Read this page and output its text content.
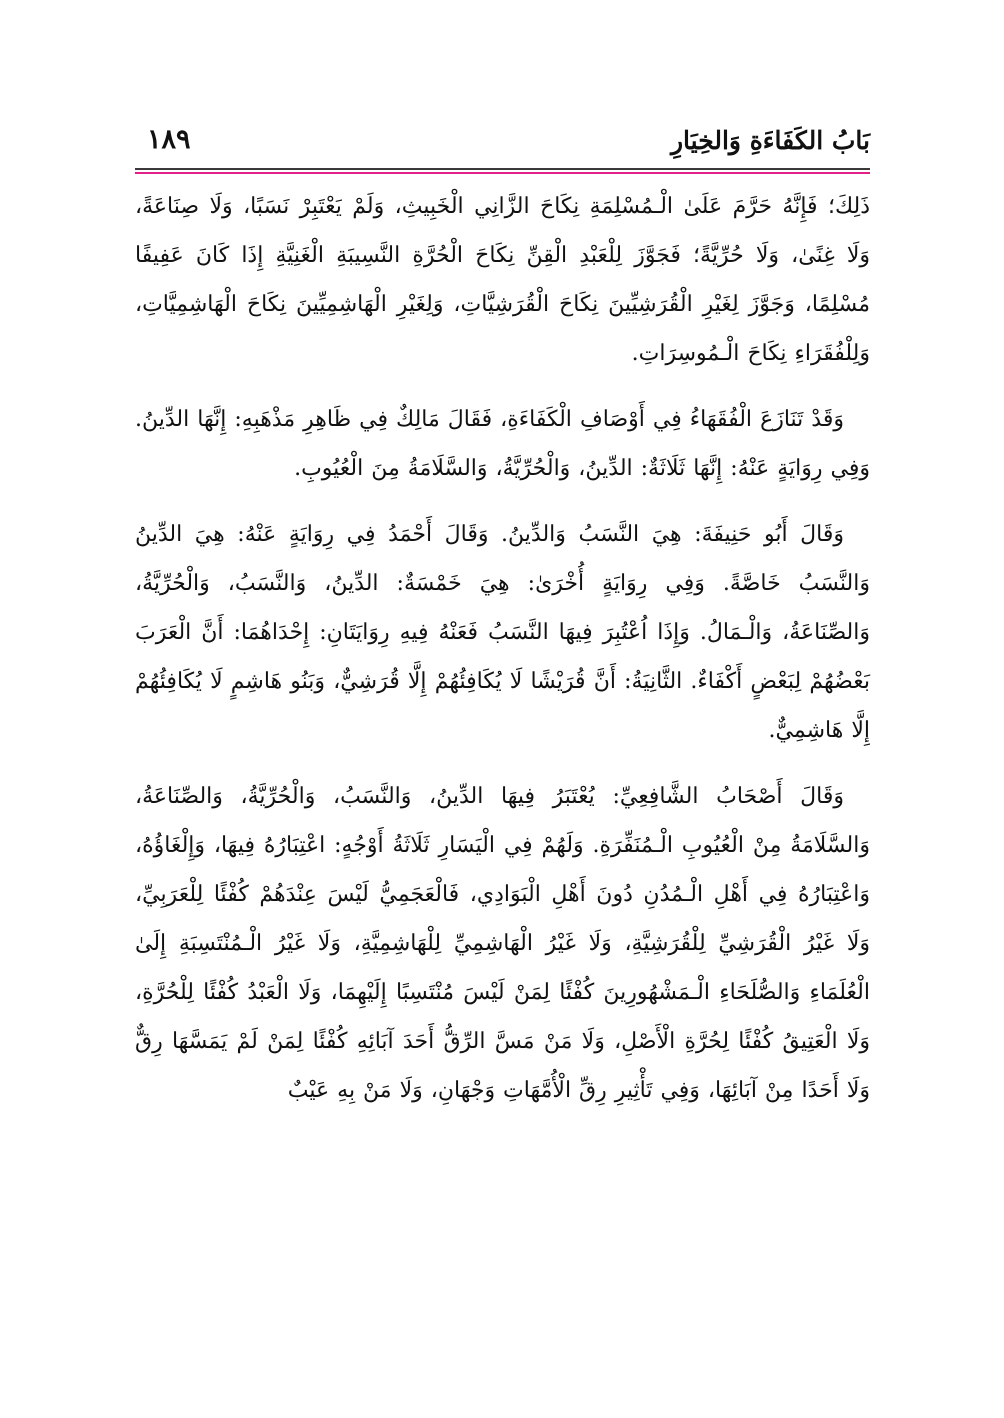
بَابُ الكَفَاءَةِ وَالخِيَارِ
١٨٩

ذَلِكَ؛ فَإِنَّهُ حَرَّمَ عَلَىٰ الْـمُسْلِمَةِ نِكَاحَ الزَّانِي الْخَبِيثِ، وَلَمْ يَعْتَبِرْ نَسَبًا، وَلَا صِنَاعَةً، وَلَا غِنًىٰ، وَلَا حُرِّيَّةً؛ فَجَوَّزَ لِلْعَبْدِ الْقِنِّ نِكَاحَ الْحُرَّةِ النَّسِيبَةِ الْغَنِيَّةِ إِذَا كَانَ عَفِيفًا مُسْلِمًا، وَجَوَّزَ لِغَيْرِ الْقُرَشِيِّينَ نِكَاحَ الْقُرَشِيَّاتِ، وَلِغَيْرِ الْهَاشِمِيِّينَ نِكَاحَ الْهَاشِمِيَّاتِ، وَلِلْفُقَرَاءِ نِكَاحَ الْـمُوسِرَاتِ.

وَقَدْ تَنَازَعَ الْفُقَهَاءُ فِي أَوْصَافِ الْكَفَاءَةِ، فَقَالَ مَالِكٌ فِي ظَاهِرِ مَذْهَبِهِ: إِنَّهَا الدِّينُ. وَفِي رِوَايَةٍ عَنْهُ: إِنَّهَا ثَلَاثَةٌ: الدِّينُ، وَالْحُرِّيَّةُ، وَالسَّلَامَةُ مِنَ الْعُيُوبِ.

وَقَالَ أَبُو حَنِيفَةَ: هِيَ النَّسَبُ وَالدِّينُ. وَقَالَ أَحْمَدُ فِي رِوَايَةٍ عَنْهُ: هِيَ الدِّينُ وَالنَّسَبُ خَاصَّةً. وَفِي رِوَايَةٍ أُخْرَىٰ: هِيَ خَمْسَةٌ: الدِّينُ، وَالنَّسَبُ، وَالْحُرِّيَّةُ، وَالصِّنَاعَةُ، وَالْـمَالُ. وَإِذَا اُعْتُبِرَ فِيهَا النَّسَبُ فَعَنْهُ فِيهِ رِوَايَتَانِ: إِحْدَاهُمَا: أَنَّ الْعَرَبَ بَعْضُهُمْ لِبَعْضٍ أَكْفَاءٌ. الثَّانِيَةُ: أَنَّ قُرَيْشًا لَا يُكَافِئُهُمْ إِلَّا قُرَشِيٌّ، وَبَنُو هَاشِمٍ لَا يُكَافِئُهُمْ إِلَّا هَاشِمِيٌّ.

وَقَالَ أَصْحَابُ الشَّافِعِيِّ: يُعْتَبَرُ فِيهَا الدِّينُ، وَالنَّسَبُ، وَالْحُرِّيَّةُ، وَالصِّنَاعَةُ، وَالسَّلَامَةُ مِنْ الْعُيُوبِ الْـمُنَفِّرَةِ. وَلَهُمْ فِي الْيَسَارِ ثَلَاثَةُ أَوْجُهٍ: اعْتِبَارُهُ فِيهَا، وَإِلْغَاؤُهُ، وَاعْتِبَارُهُ فِي أَهْلِ الْـمُدُنِ دُونَ أَهْلِ الْبَوَادِي، فَالْعَجَمِيُّ لَيْسَ عِنْدَهُمْ كُفْئًا لِلْعَرَبِيِّ، وَلَا غَيْرُ الْقُرَشِيِّ لِلْقُرَشِيَّةِ، وَلَا غَيْرُ الْهَاشِمِيِّ لِلْهَاشِمِيَّةِ، وَلَا غَيْرُ الْـمُنْتَسِبَةِ إِلَىٰ الْعُلَمَاءِ وَالصُّلَحَاءِ الْـمَشْهُورِينَ كُفْئًا لِمَنْ لَيْسَ مُنْتَسِبًا إِلَيْهِمَا، وَلَا الْعَبْدُ كُفْئًا لِلْحُرَّةِ، وَلَا الْعَتِيقُ كُفْئًا لِحُرَّةِ الْأَصْلِ، وَلَا مَنْ مَسَّ الرِّقُّ أَحَدَ آبَائِهِ كُفْئًا لِمَنْ لَمْ يَمَسَّهَا رِقٌّ وَلَا أَحَدًا مِنْ آبَائِهَا، وَفِي تَأْثِيرِ رِقِّ الْأُمَّهَاتِ وَجْهَانِ، وَلَا مَنْ بِهِ عَيْبٌ
